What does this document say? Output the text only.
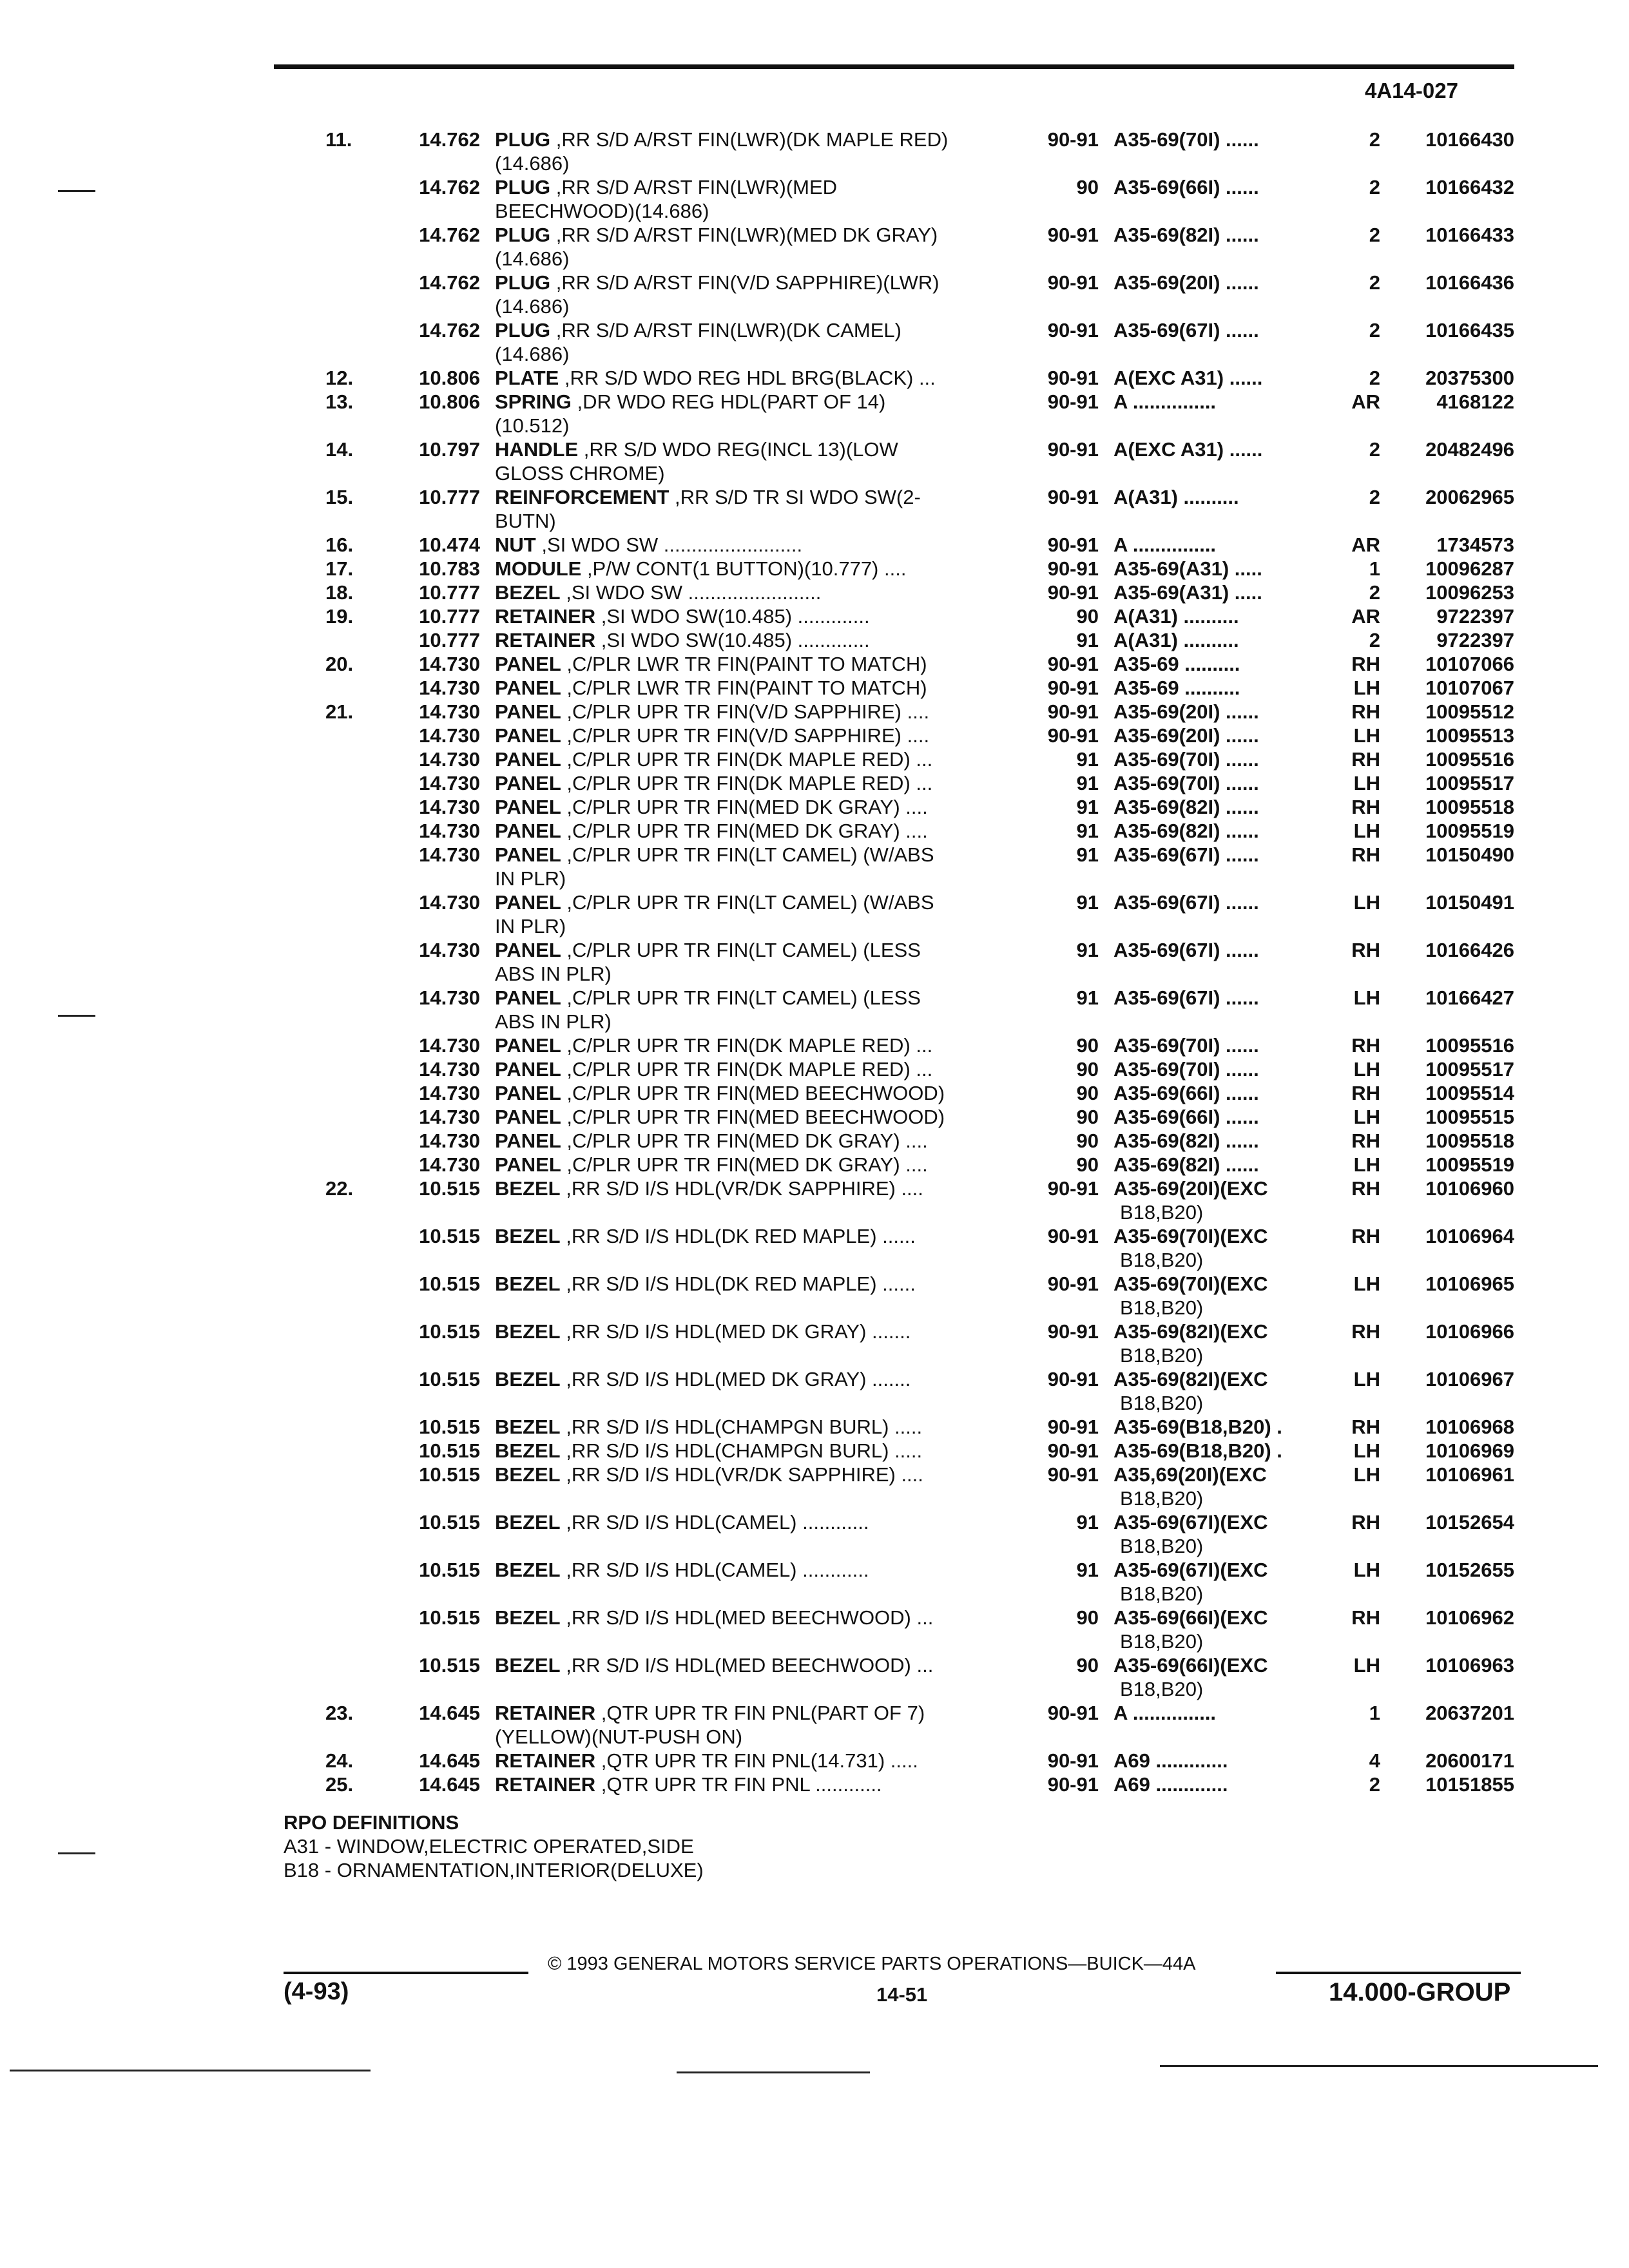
4A14-027
11.	14.762 PLUG ,RR S/D A/RST FIN(LWR)(DK MAPLE RED)	90-91 A35-69(70I) ......	2	10166430
(14.686)
14.762 PLUG ,RR S/D A/RST FIN(LWR)(MED	90 A35-69(66I) ......	2	10166432
BEECHWOOD)(14.686)
14.762 PLUG ,RR S/D A/RST FIN(LWR)(MED DK GRAY)	90-91 A35-69(82I) ......	2	10166433
(14.686)
14.762 PLUG ,RR S/D A/RST FIN(V/D SAPPHIRE)(LWR)	90-91 A35-69(20I) ......	2	10166436
(14.686)
14.762 PLUG ,RR S/D A/RST FIN(LWR)(DK CAMEL)	90-91 A35-69(67I) ......	2	10166435
(14.686)
12.	10.806 PLATE ,RR S/D WDO REG HDL BRG(BLACK) ...	90-91 A(EXC A31) ......	2	20375300
13.	10.806 SPRING ,DR WDO REG HDL(PART OF 14)	90-91 A ...............	AR	4168122
(10.512)
14.	10.797 HANDLE ,RR S/D WDO REG(INCL 13)(LOW	90-91 A(EXC A31) ......	2	20482496
GLOSS CHROME)
15.	10.777 REINFORCEMENT ,RR S/D TR SI WDO SW(2-	90-91 A(A31) ..........	2	20062965
BUTN)
16.	10.474 NUT ,SI WDO SW .........................	90-91 A ...............	AR	1734573
17.	10.783 MODULE ,P/W CONT(1 BUTTON)(10.777) ....	90-91 A35-69(A31) .....	1	10096287
18.	10.777 BEZEL ,SI WDO SW ........................	90-91 A35-69(A31) .....	2	10096253
19.	10.777 RETAINER ,SI WDO SW(10.485) .............	90 A(A31) ..........	AR	9722397
10.777 RETAINER ,SI WDO SW(10.485) .............	91 A(A31) ..........	2	9722397
20.	14.730 PANEL ,C/PLR LWR TR FIN(PAINT TO MATCH)	90-91 A35-69 ..........	RH	10107066
14.730 PANEL ,C/PLR LWR TR FIN(PAINT TO MATCH)	90-91 A35-69 ..........	LH	10107067
21.	14.730 PANEL ,C/PLR UPR TR FIN(V/D SAPPHIRE) ....	90-91 A35-69(20I) ......	RH	10095512
14.730 PANEL ,C/PLR UPR TR FIN(V/D SAPPHIRE) ....	90-91 A35-69(20I) ......	LH	10095513
14.730 PANEL ,C/PLR UPR TR FIN(DK MAPLE RED) ...	91 A35-69(70I) ......	RH	10095516
14.730 PANEL ,C/PLR UPR TR FIN(DK MAPLE RED) ...	91 A35-69(70I) ......	LH	10095517
14.730 PANEL ,C/PLR UPR TR FIN(MED DK GRAY) ....	91 A35-69(82I) ......	RH	10095518
14.730 PANEL ,C/PLR UPR TR FIN(MED DK GRAY) ....	91 A35-69(82I) ......	LH	10095519
14.730 PANEL ,C/PLR UPR TR FIN(LT CAMEL) (W/ABS	91 A35-69(67I) ......	RH	10150490
IN PLR)
14.730 PANEL ,C/PLR UPR TR FIN(LT CAMEL) (W/ABS	91 A35-69(67I) ......	LH	10150491
IN PLR)
14.730 PANEL ,C/PLR UPR TR FIN(LT CAMEL) (LESS	91 A35-69(67I) ......	RH	10166426
ABS IN PLR)
14.730 PANEL ,C/PLR UPR TR FIN(LT CAMEL) (LESS	91 A35-69(67I) ......	LH	10166427
ABS IN PLR)
14.730 PANEL ,C/PLR UPR TR FIN(DK MAPLE RED) ...	90 A35-69(70I) ......	RH	10095516
14.730 PANEL ,C/PLR UPR TR FIN(DK MAPLE RED) ...	90 A35-69(70I) ......	LH	10095517
14.730 PANEL ,C/PLR UPR TR FIN(MED BEECHWOOD)	90 A35-69(66I) ......	RH	10095514
14.730 PANEL ,C/PLR UPR TR FIN(MED BEECHWOOD)	90 A35-69(66I) ......	LH	10095515
14.730 PANEL ,C/PLR UPR TR FIN(MED DK GRAY) ....	90 A35-69(82I) ......	RH	10095518
14.730 PANEL ,C/PLR UPR TR FIN(MED DK GRAY) ....	90 A35-69(82I) ......	LH	10095519
22.	10.515 BEZEL ,RR S/D I/S HDL(VR/DK SAPPHIRE) ....	90-91 A35-69(20I)(EXC	RH	10106960
B18,B20)
10.515 BEZEL ,RR S/D I/S HDL(DK RED MAPLE) ......	90-91 A35-69(70I)(EXC	RH	10106964
B18,B20)
10.515 BEZEL ,RR S/D I/S HDL(DK RED MAPLE) ......	90-91 A35-69(70I)(EXC	LH	10106965
B18,B20)
10.515 BEZEL ,RR S/D I/S HDL(MED DK GRAY) .......	90-91 A35-69(82I)(EXC	RH	10106966
B18,B20)
10.515 BEZEL ,RR S/D I/S HDL(MED DK GRAY) .......	90-91 A35-69(82I)(EXC	LH	10106967
B18,B20)
10.515 BEZEL ,RR S/D I/S HDL(CHAMPGN BURL) .....	90-91 A35-69(B18,B20) .	RH	10106968
10.515 BEZEL ,RR S/D I/S HDL(CHAMPGN BURL) .....	90-91 A35-69(B18,B20) .	LH	10106969
10.515 BEZEL ,RR S/D I/S HDL(VR/DK SAPPHIRE) ....	90-91 A35,69(20I)(EXC	LH	10106961
B18,B20)
10.515 BEZEL ,RR S/D I/S HDL(CAMEL) ............	91 A35-69(67I)(EXC	RH	10152654
B18,B20)
10.515 BEZEL ,RR S/D I/S HDL(CAMEL) ............	91 A35-69(67I)(EXC	LH	10152655
B18,B20)
10.515 BEZEL ,RR S/D I/S HDL(MED BEECHWOOD) ...	90 A35-69(66I)(EXC	RH	10106962
B18,B20)
10.515 BEZEL ,RR S/D I/S HDL(MED BEECHWOOD) ...	90 A35-69(66I)(EXC	LH	10106963
B18,B20)
23.	14.645 RETAINER ,QTR UPR TR FIN PNL(PART OF 7)	90-91 A ...............	1	20637201
(YELLOW)(NUT-PUSH ON)
24.	14.645 RETAINER ,QTR UPR TR FIN PNL(14.731) .....	90-91 A69 .............	4	20600171
25.	14.645 RETAINER ,QTR UPR TR FIN PNL ............	90-91 A69 .............	2	10151855
RPO DEFINITIONS
A31 - WINDOW,ELECTRIC OPERATED,SIDE
B18 - ORNAMENTATION,INTERIOR(DELUXE)
© 1993 GENERAL MOTORS SERVICE PARTS OPERATIONS—BUICK—44A
(4-93)	14-51	14.000-GROUP
